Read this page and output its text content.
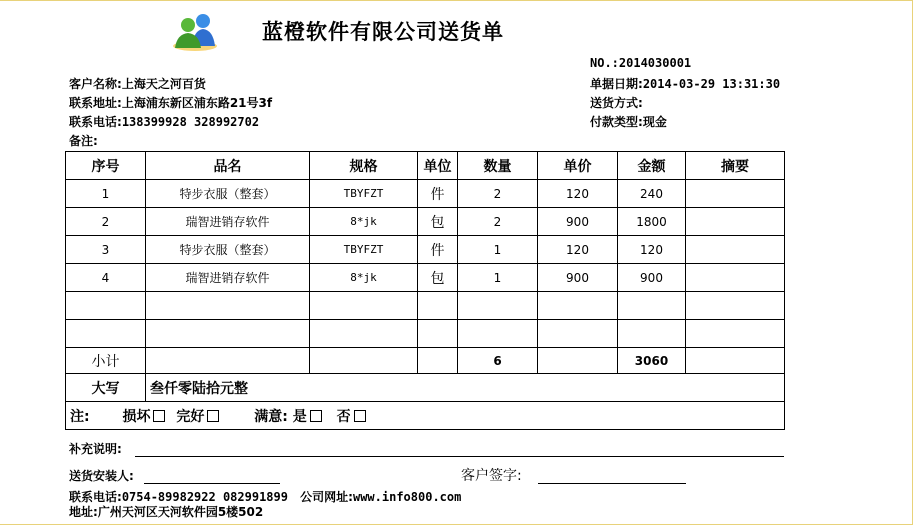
蓝橙软件有限公司送货单
NO.:2014030001
单据日期:2014-03-29 13:31:30
送货方式:
付款类型:现金
客户名称:上海天之河百货
联系地址:上海浦东新区浦东路21号3f
联系电话:138399928 328992702
备注:
序号	品名	规格	单位	数量	单价	金额	摘要
1	特步衣服（整套）	TBYFZT	件	2	120	240	
2	瑞智进销存软件	8*jk	包	2	900	1800	
3	特步衣服（整套）	TBYFZT	件	1	120	120	
4	瑞智进销存软件	8*jk	包	1	900	900	

小计				6		3060	
大写	叁仟零陆拾元整						
注: 损坏 完好 满意: 是 否							
补充说明:
送货安装人:	客户签字:
联系电话:0754-89982922 082991899 公司网址:www.info800.com
地址:广州天河区天河软件园5楼502
